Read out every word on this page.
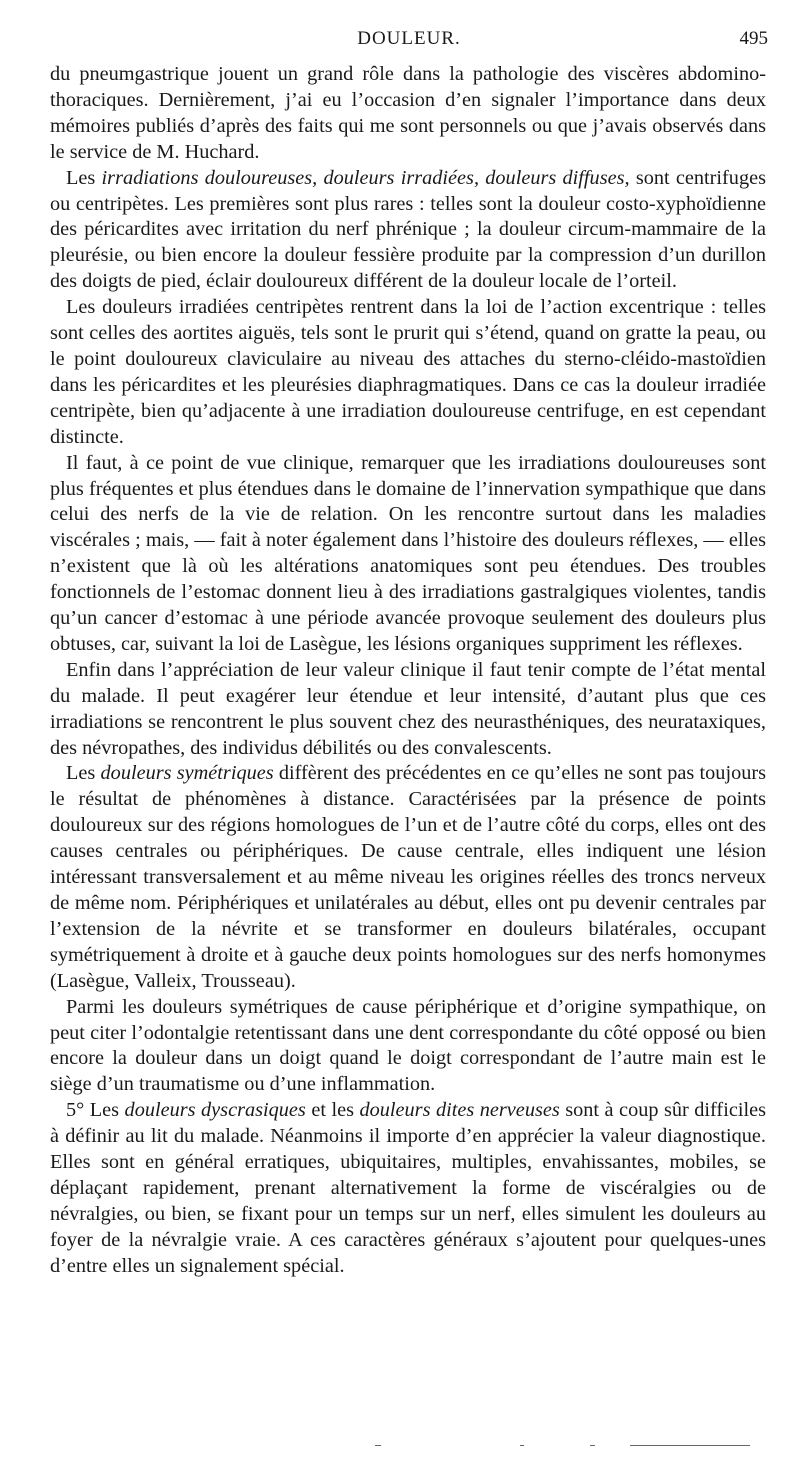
DOULEUR.	495

du pneumgastrique jouent un grand rôle dans la pathologie des viscères abdomino-thoraciques. Dernièrement, j’ai eu l’occasion d’en signaler l’importance dans deux mémoires publiés d’après des faits qui me sont personnels ou que j’avais observés dans le service de M. Huchard.

Les irradiations douloureuses, douleurs irradiées, douleurs diffuses, sont centrifuges ou centripètes. Les premières sont plus rares : telles sont la douleur costo-xyphoïdienne des péricardites avec irritation du nerf phrénique ; la douleur circum-mammaire de la pleurésie, ou bien encore la douleur fessière produite par la compression d’un durillon des doigts de pied, éclair douloureux différent de la douleur locale de l’orteil.

Les douleurs irradiées centripètes rentrent dans la loi de l’action excentrique : telles sont celles des aortites aiguës, tels sont le prurit qui s’étend, quand on gratte la peau, ou le point douloureux claviculaire au niveau des attaches du sterno-cléido-mastoïdien dans les péricardites et les pleurésies diaphragmatiques. Dans ce cas la douleur irradiée centripète, bien qu’adjacente à une irradiation douloureuse centrifuge, en est cependant distincte.

Il faut, à ce point de vue clinique, remarquer que les irradiations douloureuses sont plus fréquentes et plus étendues dans le domaine de l’innervation sympathique que dans celui des nerfs de la vie de relation. On les rencontre surtout dans les maladies viscérales ; mais, — fait à noter également dans l’histoire des douleurs réflexes, — elles n’existent que là où les altérations anatomiques sont peu étendues. Des troubles fonctionnels de l’estomac donnent lieu à des irradiations gastralgiques violentes, tandis qu’un cancer d’estomac à une période avancée provoque seulement des douleurs plus obtuses, car, suivant la loi de Lasègue, les lésions organiques suppriment les réflexes.

Enfin dans l’appréciation de leur valeur clinique il faut tenir compte de l’état mental du malade. Il peut exagérer leur étendue et leur intensité, d’autant plus que ces irradiations se rencontrent le plus souvent chez des neurasthéniques, des neurataxiques, des névropathes, des individus débilités ou des convalescents.

Les douleurs symétriques diffèrent des précédentes en ce qu’elles ne sont pas toujours le résultat de phénomènes à distance. Caractérisées par la présence de points douloureux sur des régions homologues de l’un et de l’autre côté du corps, elles ont des causes centrales ou périphériques. De cause centrale, elles indiquent une lésion intéressant transversalement et au même niveau les origines réelles des troncs nerveux de même nom. Périphériques et unilatérales au début, elles ont pu devenir centrales par l’extension de la névrite et se transformer en douleurs bilatérales, occupant symétriquement à droite et à gauche deux points homologues sur des nerfs homonymes (Lasègue, Valleix, Trousseau).

Parmi les douleurs symétriques de cause périphérique et d’origine sympathique, on peut citer l’odontalgie retentissant dans une dent correspondante du côté opposé ou bien encore la douleur dans un doigt quand le doigt correspondant de l’autre main est le siège d’un traumatisme ou d’une inflammation.

5° Les douleurs dyscrasiques et les douleurs dites nerveuses sont à coup sûr difficiles à définir au lit du malade. Néanmoins il importe d’en apprécier la valeur diagnostique. Elles sont en général erratiques, ubiquitaires, multiples, envahissantes, mobiles, se déplaçant rapidement, prenant alternativement la forme de viscéralgies ou de névralgies, ou bien, se fixant pour un temps sur un nerf, elles simulent les douleurs au foyer de la névralgie vraie. A ces caractères généraux s’ajoutent pour quelques-unes d’entre elles un signalement spécial.
